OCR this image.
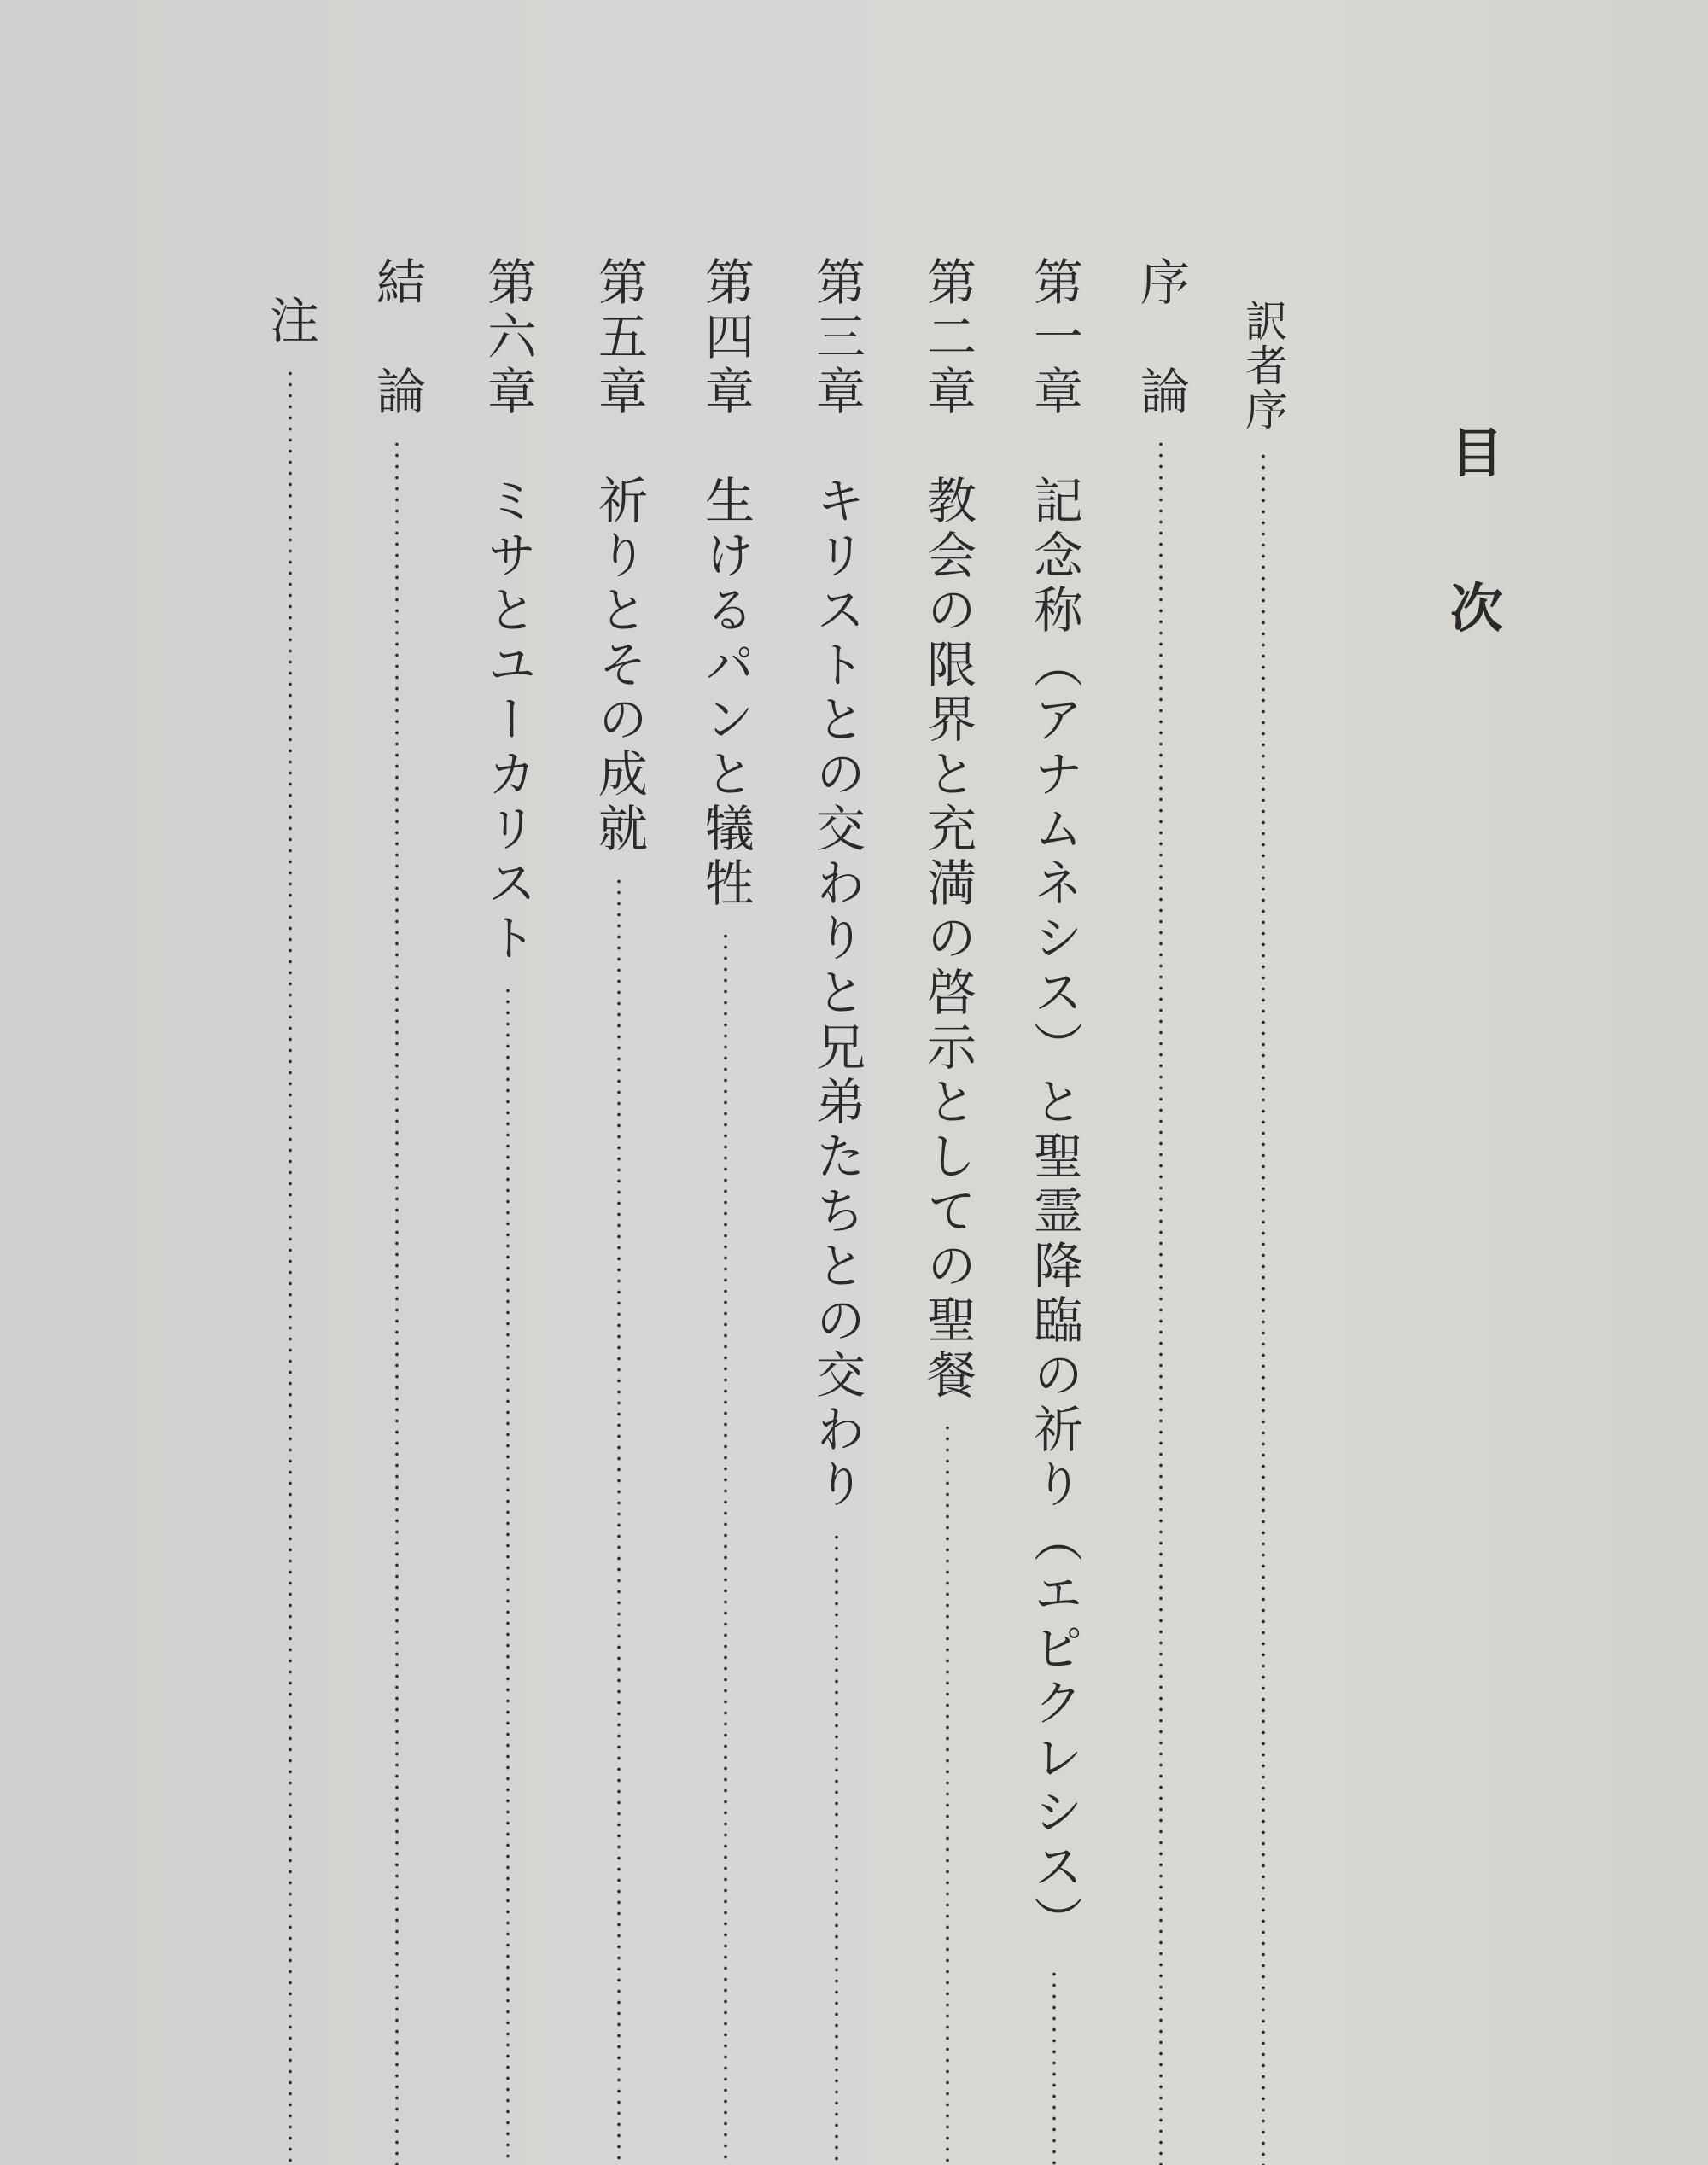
目
次
訳者序
序　論
第一章　記念称（アナムネシス）と聖霊降臨の祈り（エピクレシス）
第二章　教会の限界と充満の啓示としての聖餐
第三章　キリストとの交わりと兄弟たちとの交わり
第四章　生けるパンと犠牲
第五章　祈りとその成就
第六章　ミサとユーカリスト
結　論
注
